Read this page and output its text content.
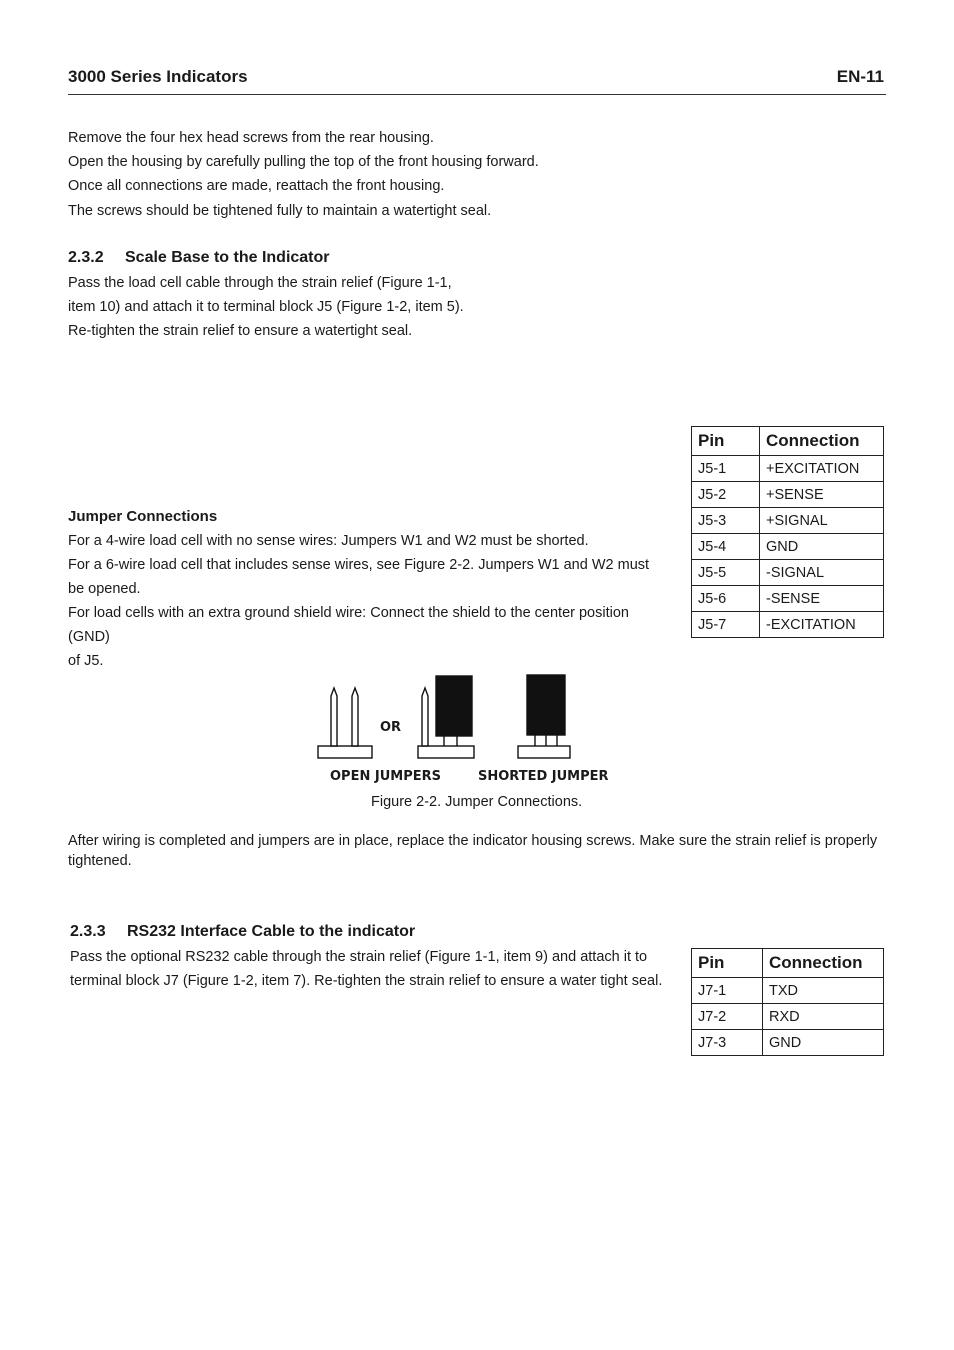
3000 Series Indicators	EN-11
Remove the four hex head screws from the rear housing.
Open the housing by carefully pulling the top of the front housing forward.
Once all connections are made, reattach the front housing.
The screws should be tightened fully to maintain a watertight seal.
2.3.2 Scale Base to the Indicator
Pass the load cell cable through the strain relief (Figure 1-1,
item 10) and attach it to terminal block J5 (Figure 1-2, item 5).
Re-tighten the strain relief to ensure a watertight seal.
Pin	Connection
J5-1	+EXCITATION
J5-2	+SENSE
J5-3	+SIGNAL
J5-4	GND
J5-5	-SIGNAL
J5-6	-SENSE
J5-7	-EXCITATION
Jumper Connections
For a 4-wire load cell with no sense wires: Jumpers W1 and W2 must be shorted.
For a 6-wire load cell that includes sense wires, see Figure 2-2. Jumpers W1 and W2 must
be opened.
For load cells with an extra ground shield wire: Connect the shield to the center position (GND)
of J5.
OR
OPEN JUMPERS	SHORTED JUMPER
Figure 2-2. Jumper Connections.
After wiring is completed and jumpers are in place, replace the indicator housing screws. Make sure the strain relief is properly
tightened.
2.3.3 RS232 Interface Cable to the indicator
Pass the optional RS232 cable through the strain relief (Figure 1-1, item 9) and attach it to
terminal block J7 (Figure 1-2, item 7). Re-tighten the strain relief to ensure a water tight seal.
Pin	Connection
J7-1	TXD
J7-2	RXD
J7-3	GND
